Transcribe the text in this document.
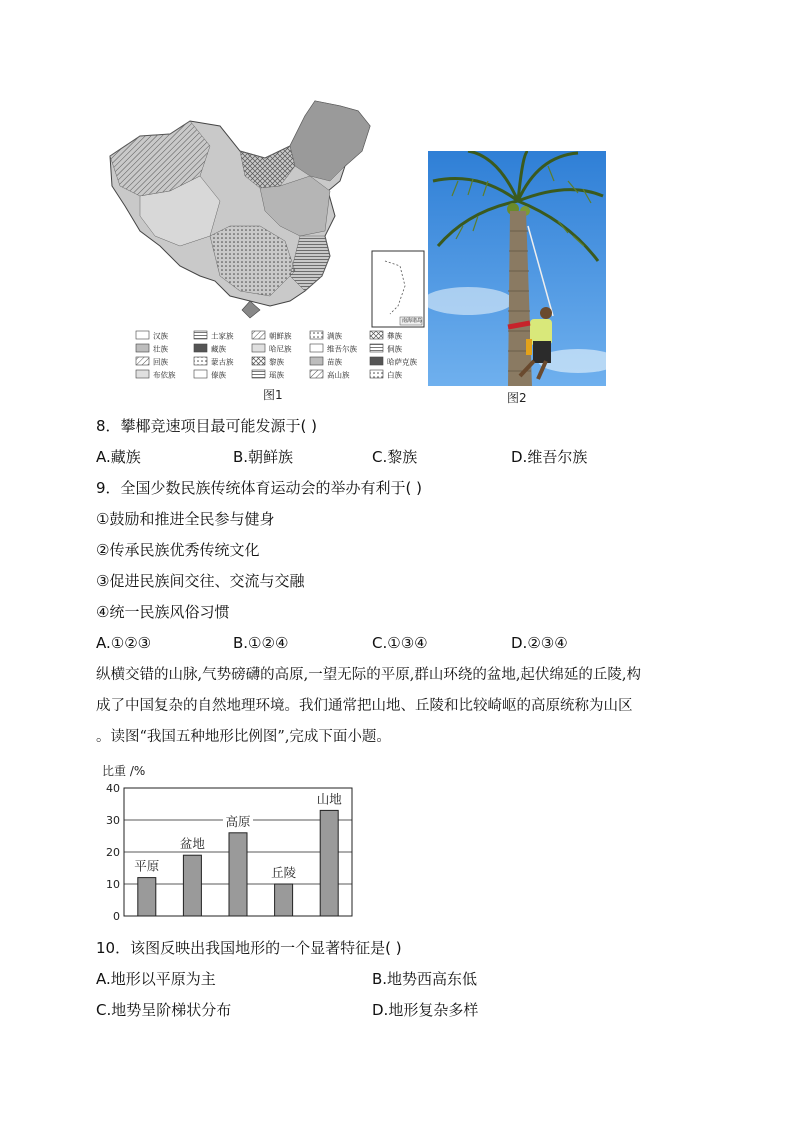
汉族	土家族	朝鲜族	满族	彝族
壮族	藏族	哈尼族	维吾尔族	侗族
回族	蒙古族	黎族	苗族	哈萨克族
布依族	傣族	瑶族	高山族	白族
南海诸岛
图1	图2
8．攀椰竞速项目最可能发源于( )
A.藏族	B.朝鲜族	C.黎族	D.维吾尔族
9．全国少数民族传统体育运动会的举办有利于( )
①鼓励和推进全民参与健身
②传承民族优秀传统文化
③促进民族间交往、交流与交融
④统一民族风俗习惯
A.①②③	B.①②④	C.①③④	D.②③④
纵横交错的山脉,气势磅礴的高原,一望无际的平原,群山环绕的盆地,起伏绵延的丘陵,构
成了中国复杂的自然地理环境。我们通常把山地、丘陵和比较崎岖的高原统称为山区
。读图“我国五种地形比例图”,完成下面小题。
比重 /%
0
10
20
30
40
平原
盆地
高原
丘陵
山地
10．该图反映出我国地形的一个显著特征是( )
A.地形以平原为主	B.地势西高东低
C.地势呈阶梯状分布	D.地形复杂多样
